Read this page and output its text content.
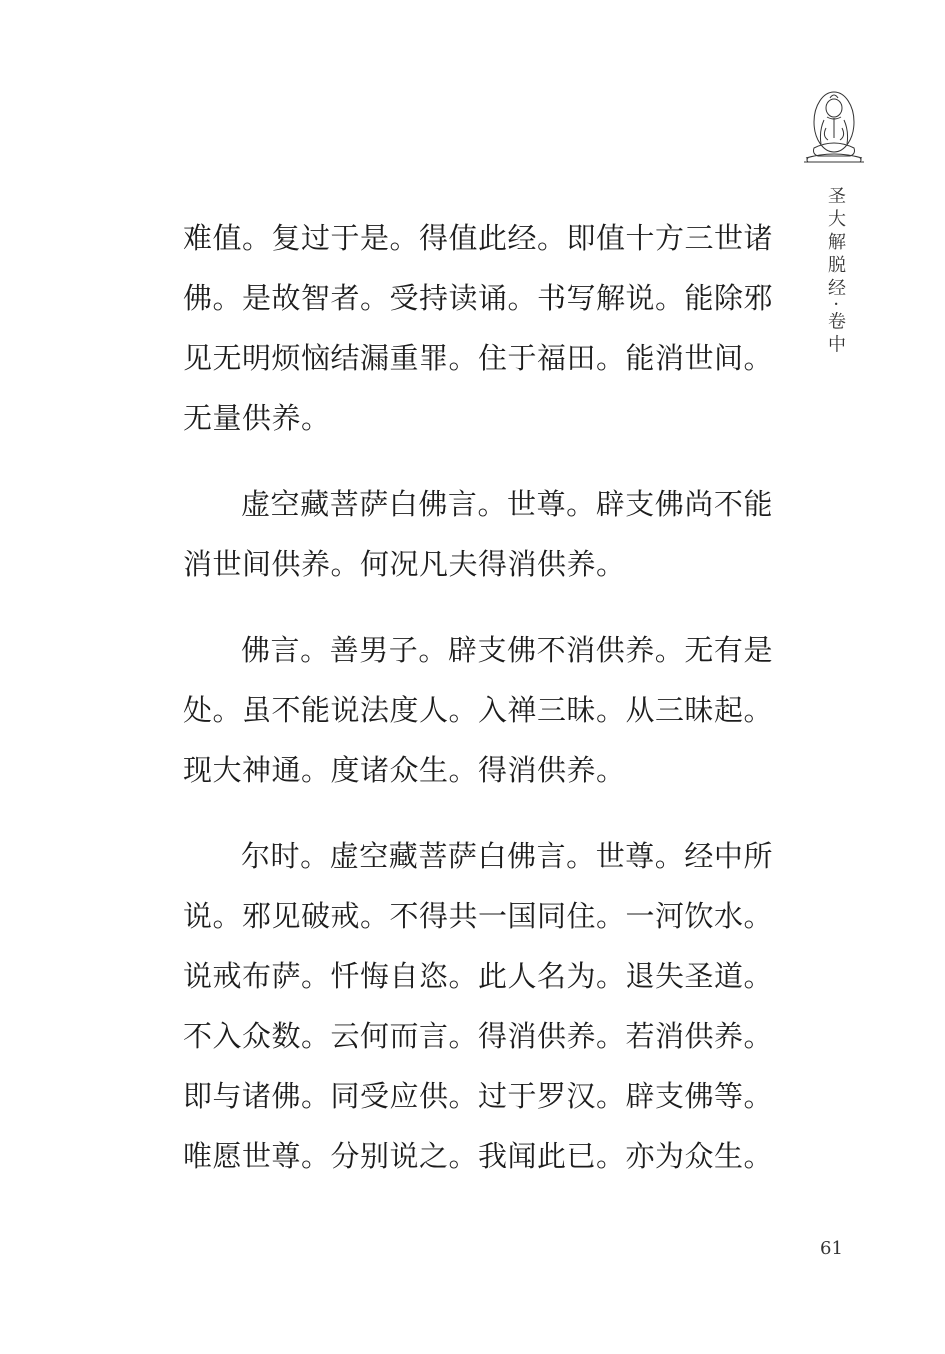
圣大解脱经·卷中

难值。复过于是。得值此经。即值十方三世诸佛。是故智者。受持读诵。书写解说。能除邪见无明烦恼结漏重罪。住于福田。能消世间。无量供养。

虚空藏菩萨白佛言。世尊。辟支佛尚不能消世间供养。何况凡夫得消供养。

佛言。善男子。辟支佛不消供养。无有是处。虽不能说法度人。入禅三昧。从三昧起。现大神通。度诸众生。得消供养。

尔时。虚空藏菩萨白佛言。世尊。经中所说。邪见破戒。不得共一国同住。一河饮水。说戒布萨。忏悔自恣。此人名为。退失圣道。不入众数。云何而言。得消供养。若消供养。即与诸佛。同受应供。过于罗汉。辟支佛等。唯愿世尊。分别说之。我闻此已。亦为众生。

61
